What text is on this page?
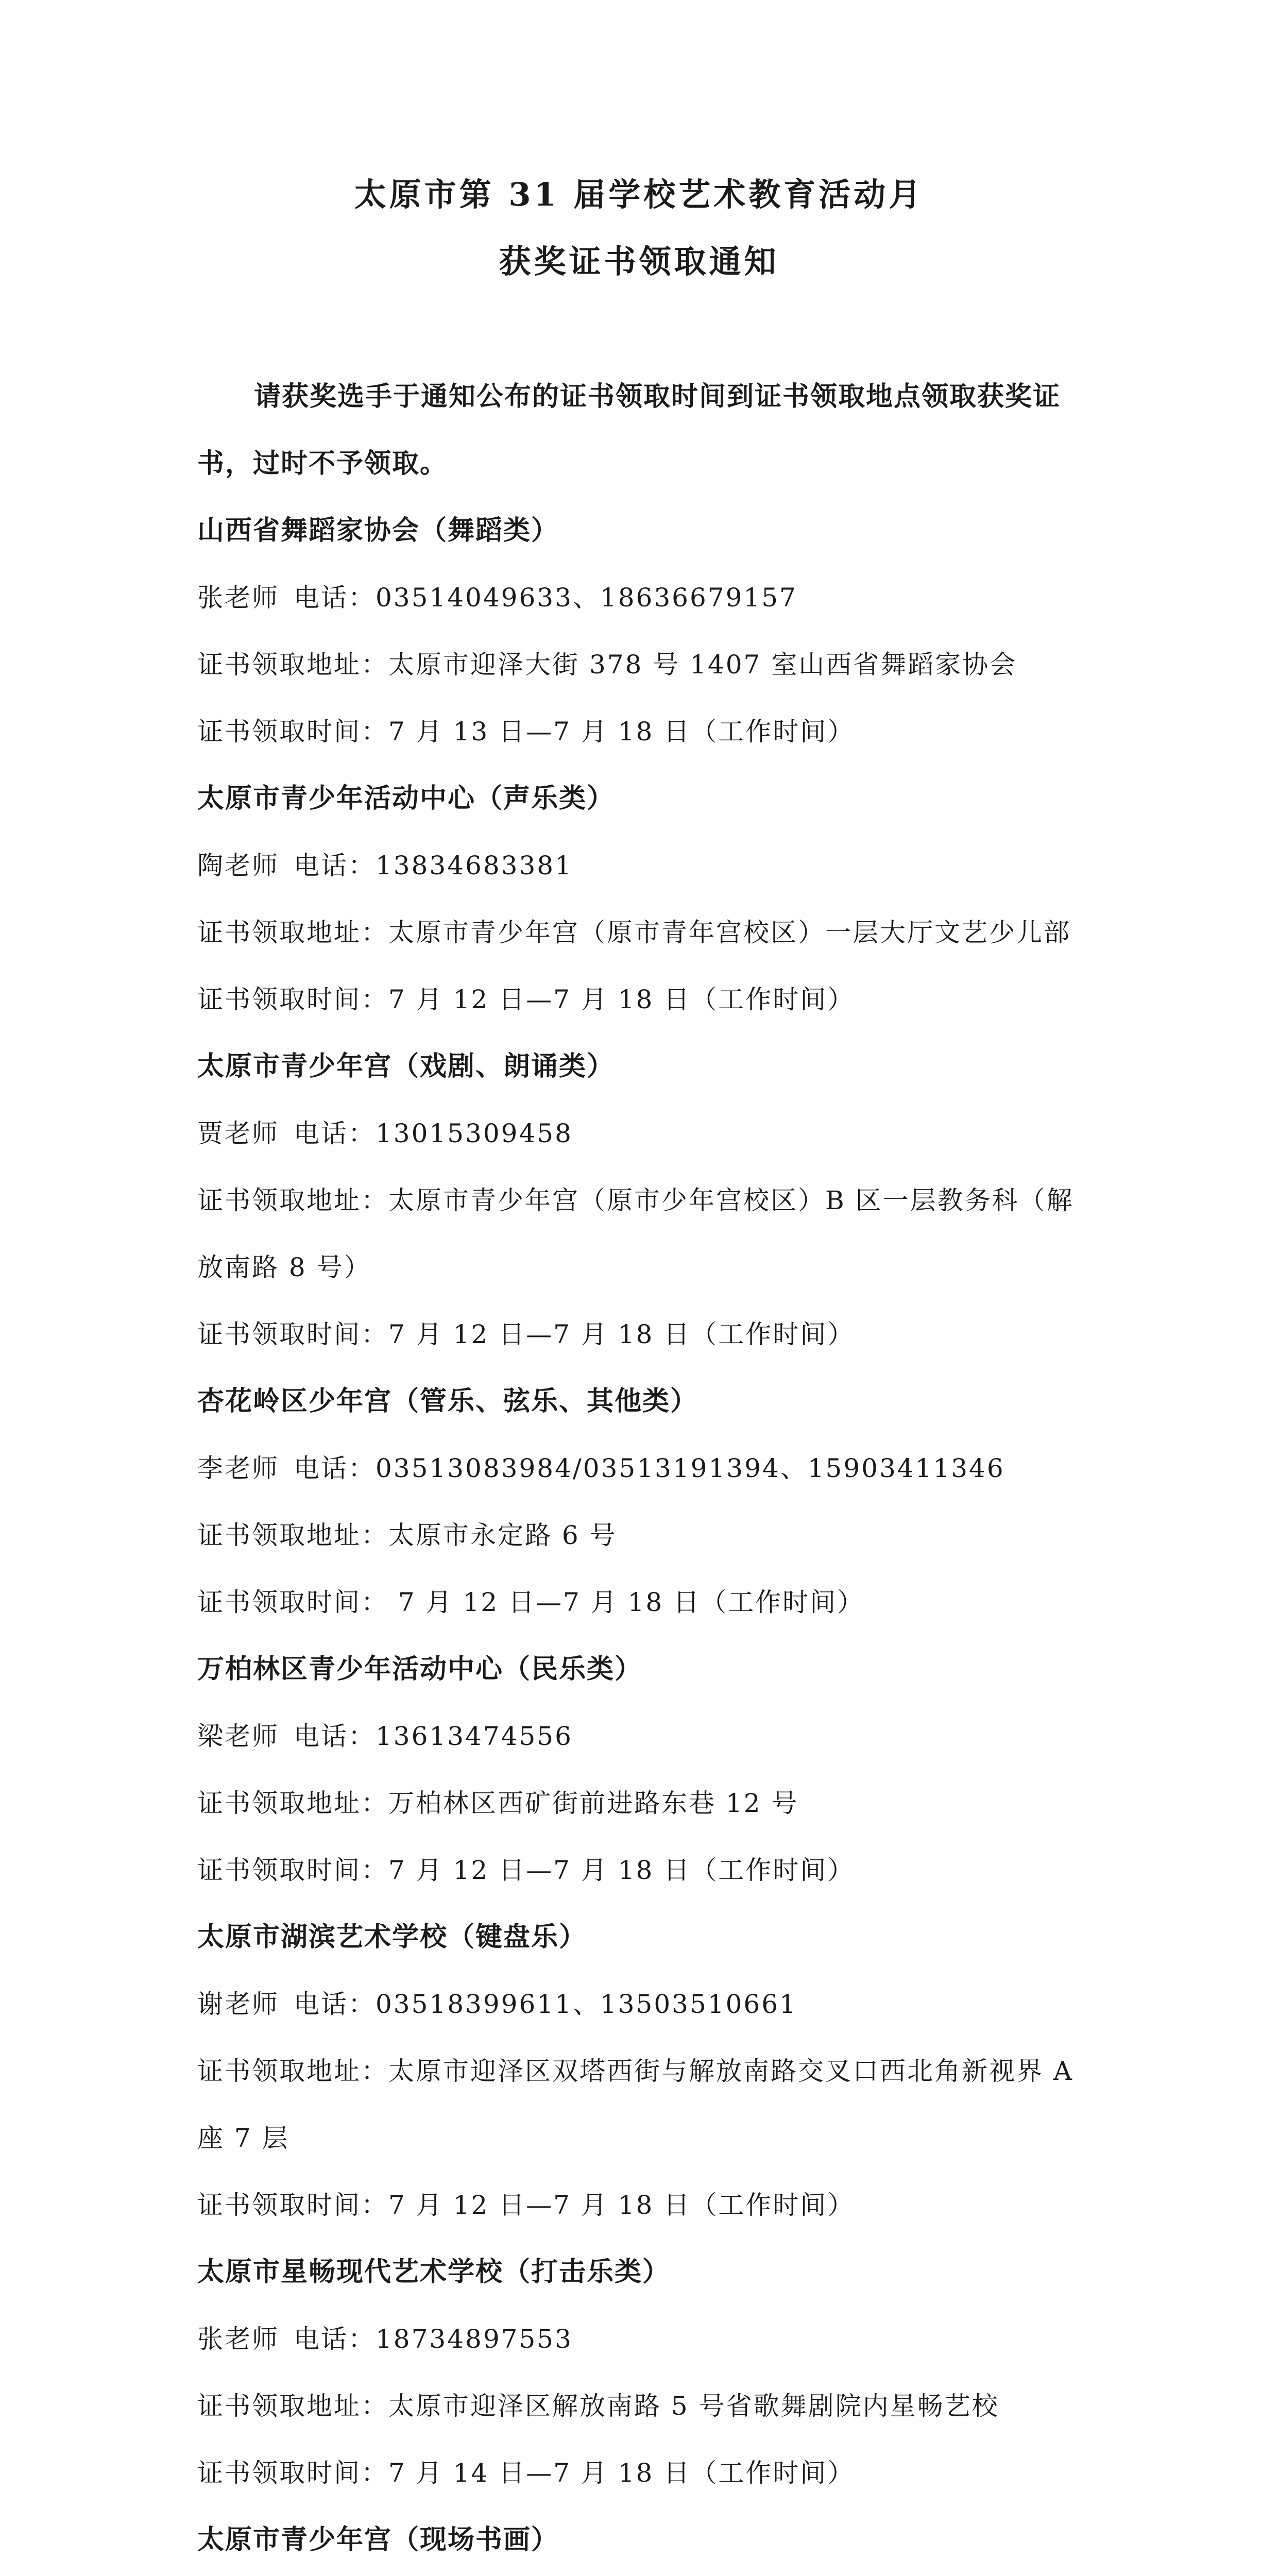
太原市第 31 届学校艺术教育活动月
获奖证书领取通知

请获奖选手于通知公布的证书领取时间到证书领取地点领取获奖证书，过时不予领取。

山西省舞蹈家协会（舞蹈类）

张老师 电话：03514049633、18636679157

证书领取地址：太原市迎泽大街 378 号 1407 室山西省舞蹈家协会

证书领取时间：7 月 13 日—7 月 18 日（工作时间）

太原市青少年活动中心（声乐类）

陶老师 电话：13834683381

证书领取地址：太原市青少年宫（原市青年宫校区）一层大厅文艺少儿部

证书领取时间：7 月 12 日—7 月 18 日（工作时间）

太原市青少年宫（戏剧、朗诵类）

贾老师 电话：13015309458

证书领取地址：太原市青少年宫（原市少年宫校区）B 区一层教务科（解放南路 8 号）

证书领取时间：7 月 12 日—7 月 18 日（工作时间）

杏花岭区少年宫（管乐、弦乐、其他类）

李老师 电话：03513083984/03513191394、15903411346

证书领取地址：太原市永定路 6 号

证书领取时间： 7 月 12 日—7 月 18 日（工作时间）

万柏林区青少年活动中心（民乐类）

梁老师 电话：13613474556

证书领取地址：万柏林区西矿街前进路东巷 12 号

证书领取时间：7 月 12 日—7 月 18 日（工作时间）

太原市湖滨艺术学校（键盘乐）

谢老师 电话：03518399611、13503510661

证书领取地址：太原市迎泽区双塔西街与解放南路交叉口西北角新视界 A 座 7 层

证书领取时间：7 月 12 日—7 月 18 日（工作时间）

太原市星畅现代艺术学校（打击乐类）

张老师 电话：18734897553

证书领取地址：太原市迎泽区解放南路 5 号省歌舞剧院内星畅艺校

证书领取时间：7 月 14 日—7 月 18 日（工作时间）

太原市青少年宫（现场书画）
